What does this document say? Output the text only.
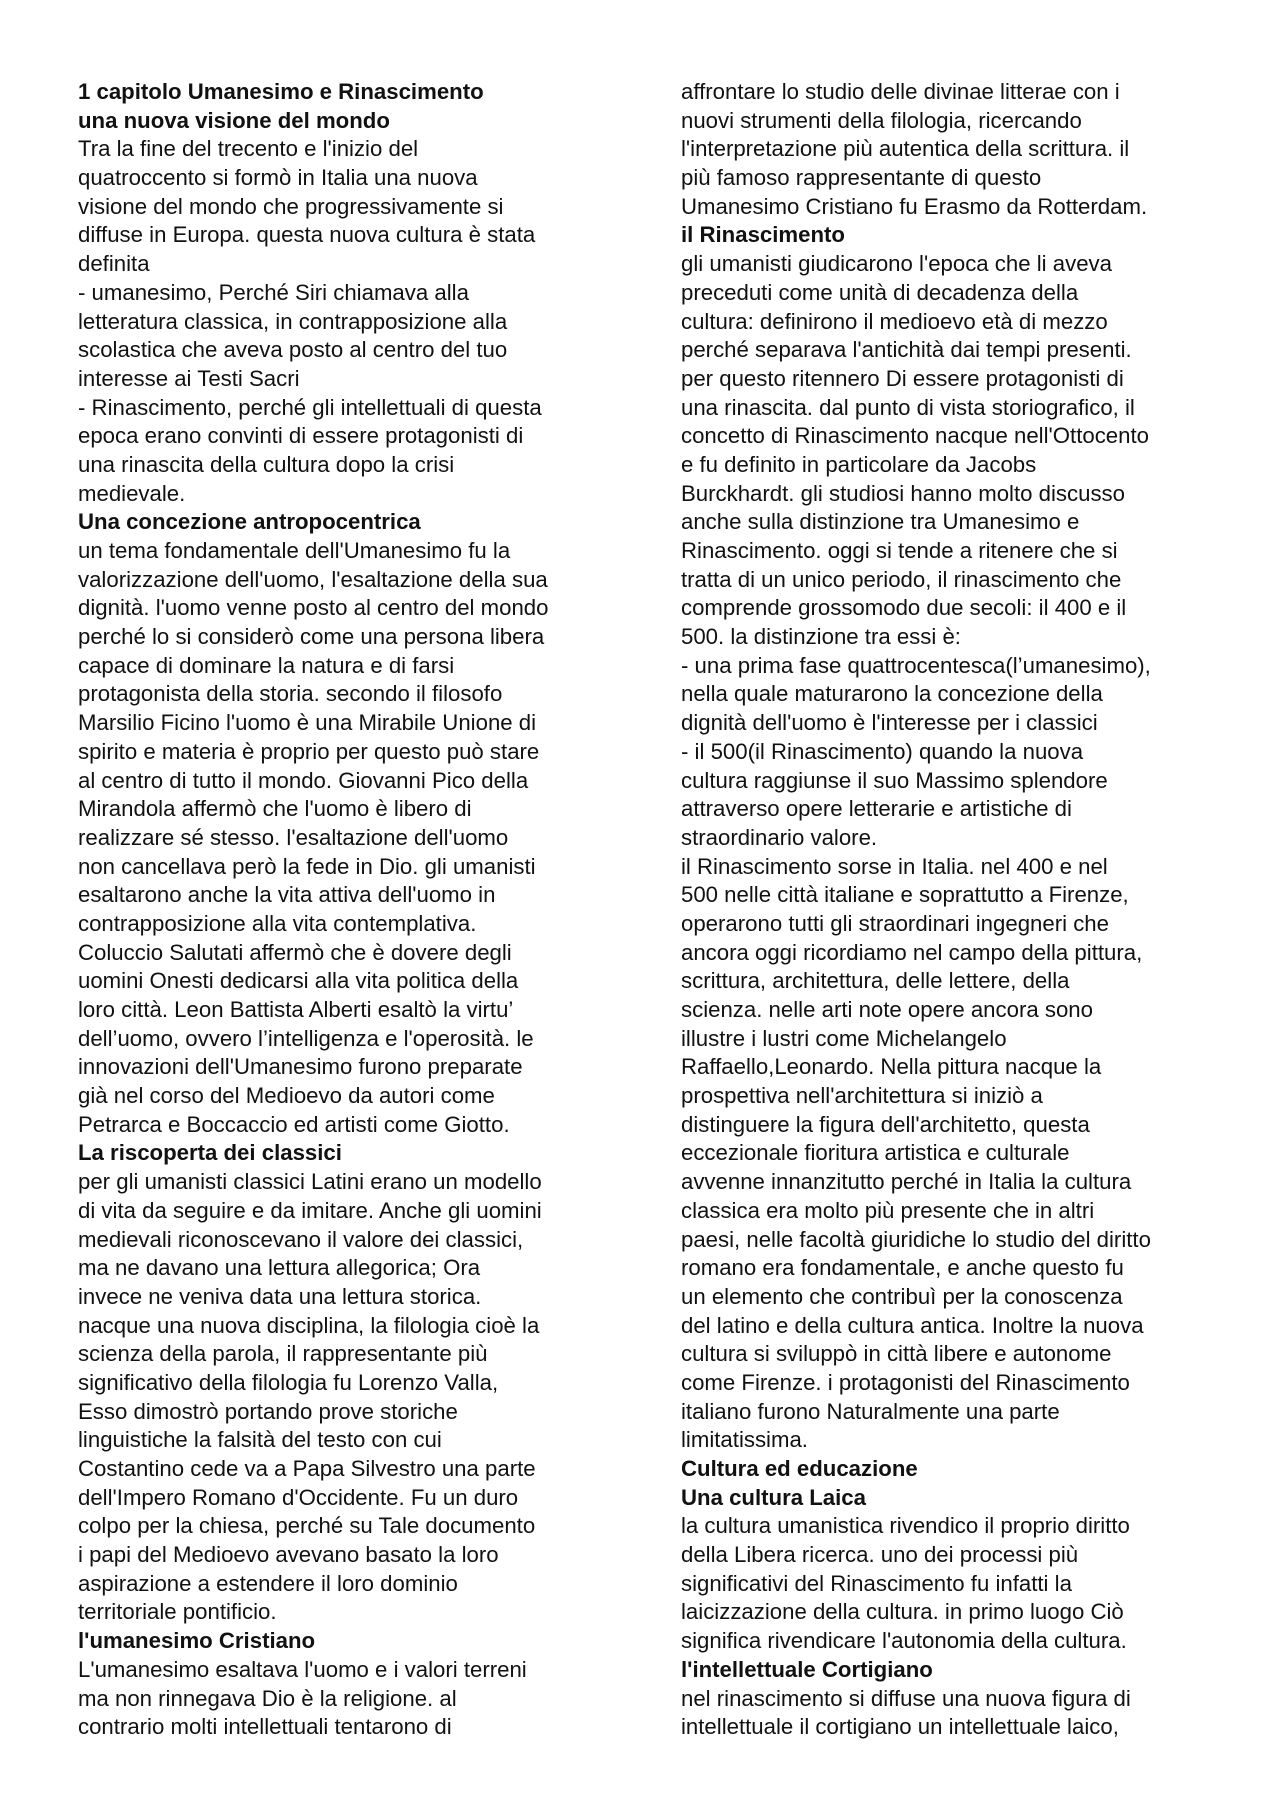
1 capitolo Umanesimo e Rinascimento
una nuova visione del mondo
Tra la fine del trecento e l'inizio del
quatroccento si formò in Italia una nuova
visione del mondo che progressivamente si
diffuse in Europa. questa nuova cultura è stata
definita
- umanesimo, Perché Siri chiamava alla
letteratura classica, in contrapposizione alla
scolastica che aveva posto al centro del tuo
interesse ai Testi Sacri
- Rinascimento, perché gli intellettuali di questa
epoca erano convinti di essere protagonisti di
una rinascita della cultura dopo la crisi
medievale.
Una concezione antropocentrica
un tema fondamentale dell'Umanesimo fu la
valorizzazione dell'uomo, l'esaltazione della sua
dignità. l'uomo venne posto al centro del mondo
perché lo si considerò come una persona libera
capace di dominare la natura e di farsi
protagonista della storia. secondo il filosofo
Marsilio Ficino l'uomo è una Mirabile Unione di
spirito e materia è proprio per questo può stare
al centro di tutto il mondo. Giovanni Pico della
Mirandola affermò che l'uomo è libero di
realizzare sé stesso. l'esaltazione dell'uomo
non cancellava però la fede in Dio. gli umanisti
esaltarono anche la vita attiva dell'uomo in
contrapposizione alla vita contemplativa.
Coluccio Salutati affermò che è dovere degli
uomini Onesti dedicarsi alla vita politica della
loro città. Leon Battista Alberti esaltò la virtu’
dell’uomo, ovvero l’intelligenza e l'operosità. le
innovazioni dell'Umanesimo furono preparate
già nel corso del Medioevo da autori come
Petrarca e Boccaccio ed artisti come Giotto.
La riscoperta dei classici
per gli umanisti classici Latini erano un modello
di vita da seguire e da imitare. Anche gli uomini
medievali riconoscevano il valore dei classici,
ma ne davano una lettura allegorica; Ora
invece ne veniva data una lettura storica.
nacque una nuova disciplina, la filologia cioè la
scienza della parola, il rappresentante più
significativo della filologia fu Lorenzo Valla,
Esso dimostrò portando prove storiche
linguistiche la falsità del testo con cui
Costantino cede va a Papa Silvestro una parte
dell'Impero Romano d'Occidente. Fu un duro
colpo per la chiesa, perché su Tale documento
i papi del Medioevo avevano basato la loro
aspirazione a estendere il loro dominio
territoriale pontificio.
l'umanesimo Cristiano
L'umanesimo esaltava l'uomo e i valori terreni
ma non rinnegava Dio è la religione. al
contrario molti intellettuali tentarono di
affrontare lo studio delle divinae litterae con i
nuovi strumenti della filologia, ricercando
l'interpretazione più autentica della scrittura. il
più famoso rappresentante di questo
Umanesimo Cristiano fu Erasmo da Rotterdam.
il Rinascimento
gli umanisti giudicarono l'epoca che li aveva
preceduti come unità di decadenza della
cultura: definirono il medioevo età di mezzo
perché separava l'antichità dai tempi presenti.
per questo ritennero Di essere protagonisti di
una rinascita. dal punto di vista storiografico, il
concetto di Rinascimento nacque nell'Ottocento
e fu definito in particolare da Jacobs
Burckhardt. gli studiosi hanno molto discusso
anche sulla distinzione tra Umanesimo e
Rinascimento. oggi si tende a ritenere che si
tratta di un unico periodo, il rinascimento che
comprende grossomodo due secoli: il 400 e il
500. la distinzione tra essi è:
- una prima fase quattrocentesca(l’umanesimo),
nella quale maturarono la concezione della
dignità dell'uomo è l'interesse per i classici
- il 500(il Rinascimento) quando la nuova
cultura raggiunse il suo Massimo splendore
attraverso opere letterarie e artistiche di
straordinario valore.
il Rinascimento sorse in Italia. nel 400 e nel
500 nelle città italiane e soprattutto a Firenze,
operarono tutti gli straordinari ingegneri che
ancora oggi ricordiamo nel campo della pittura,
scrittura, architettura, delle lettere, della
scienza. nelle arti note opere ancora sono
illustre i lustri come Michelangelo
Raffaello,Leonardo. Nella pittura nacque la
prospettiva nell'architettura si iniziò a
distinguere la figura dell'architetto, questa
eccezionale fioritura artistica e culturale
avvenne innanzitutto perché in Italia la cultura
classica era molto più presente che in altri
paesi, nelle facoltà giuridiche lo studio del diritto
romano era fondamentale, e anche questo fu
un elemento che contribuì per la conoscenza
del latino e della cultura antica. Inoltre la nuova
cultura si sviluppò in città libere e autonome
come Firenze. i protagonisti del Rinascimento
italiano furono Naturalmente una parte
limitatissima.
Cultura ed educazione
Una cultura Laica
la cultura umanistica rivendico il proprio diritto
della Libera ricerca. uno dei processi più
significativi del Rinascimento fu infatti la
laicizzazione della cultura. in primo luogo Ciò
significa rivendicare l'autonomia della cultura.
l'intellettuale Cortigiano
nel rinascimento si diffuse una nuova figura di
intellettuale il cortigiano un intellettuale laico,
